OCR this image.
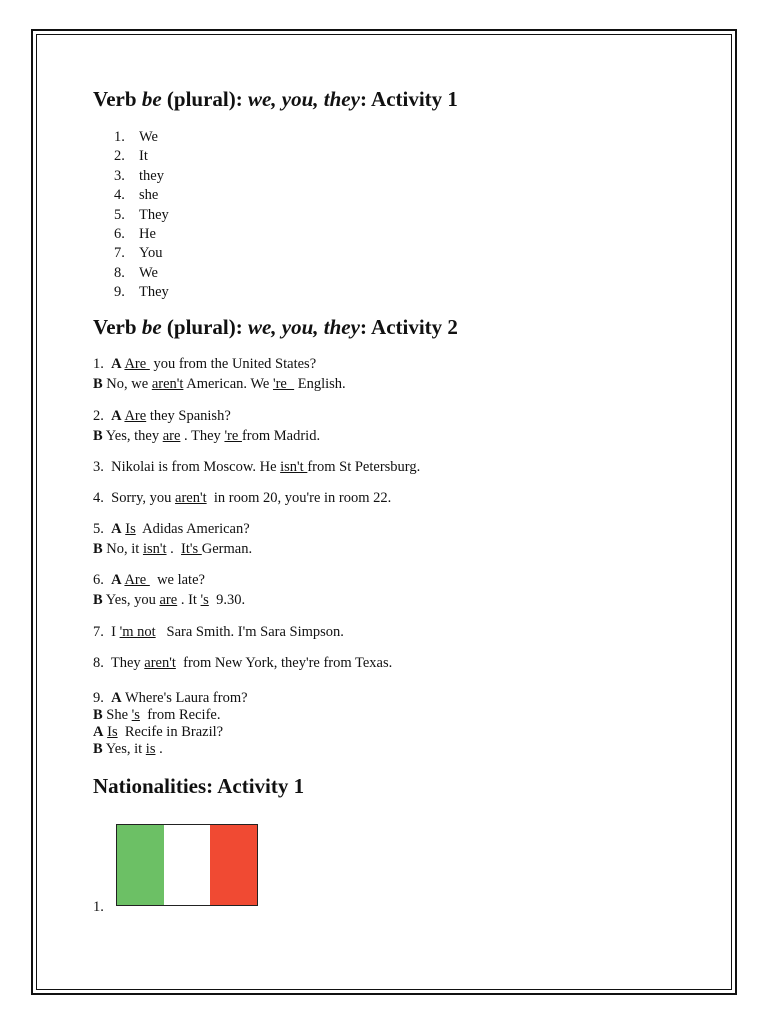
Verb be (plural): we, you, they: Activity 1
1. We
2. It
3. they
4. she
5. They
6. He
7. You
8. We
9. They
Verb be (plural): we, you, they: Activity 2
1.  A Are  you from the United States?
B No, we aren't American. We 're   English.
2.  A Are they Spanish?
B Yes, they are . They 're from Madrid.
3.  Nikolai is from Moscow. He isn't from St Petersburg.
4.  Sorry, you aren't  in room 20, you're in room 22.
5.  A Is  Adidas American?
B No, it isn't .  It's German.
6.  A Are   we late?
B Yes, you are . It 's  9.30.
7.  I 'm not   Sara Smith. I'm Sara Simpson.
8.  They aren't  from New York, they're from Texas.
9.  A Where's Laura from?
B She 's  from Recife.
A Is  Recife in Brazil?
B Yes, it is .
Nationalities: Activity 1
1.
